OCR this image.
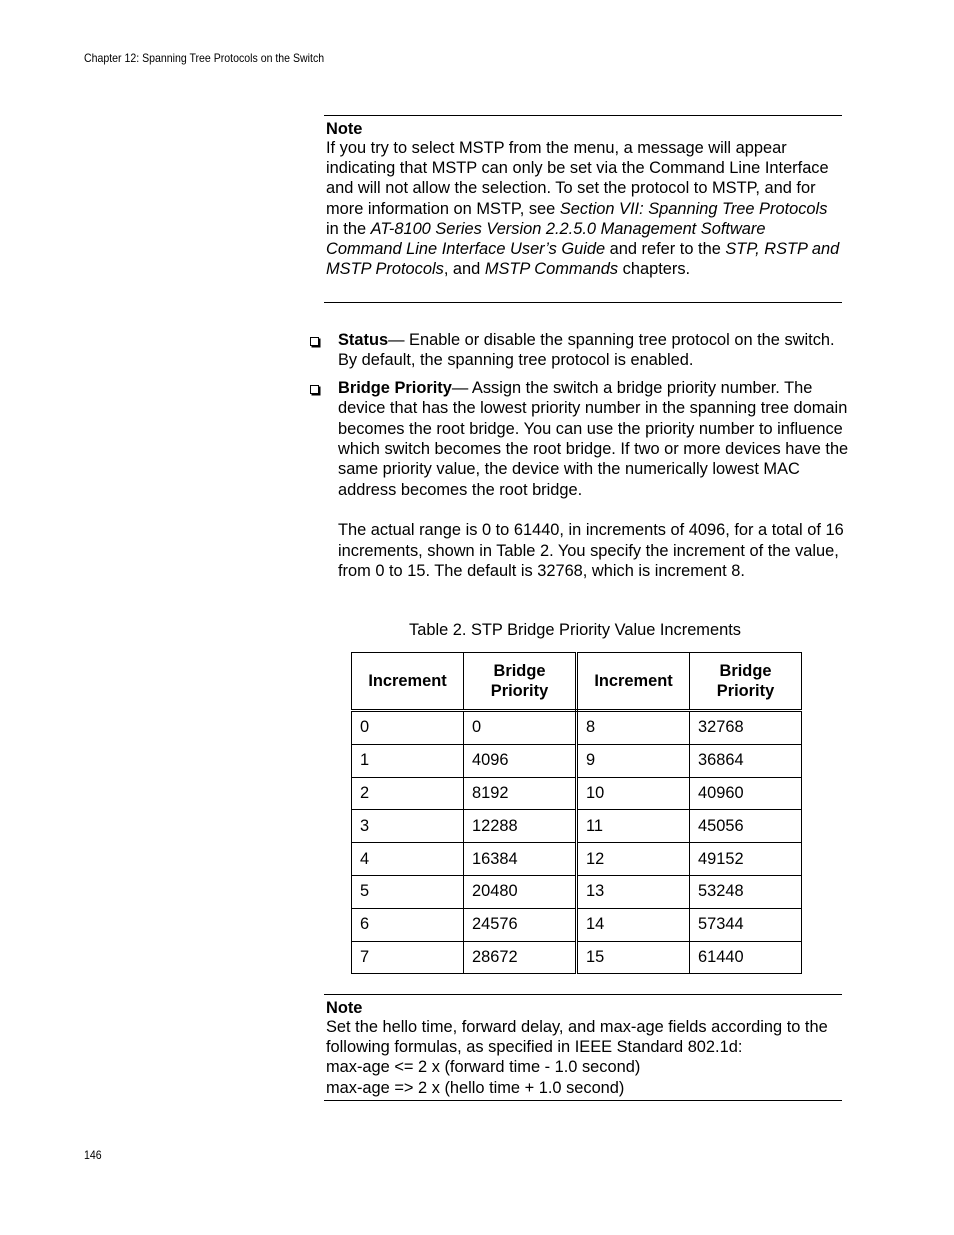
Chapter 12: Spanning Tree Protocols on the Switch
Note

If you try to select MSTP from the menu, a message will appear indicating that MSTP can only be set via the Command Line Interface and will not allow the selection. To set the protocol to MSTP, and for more information on MSTP, see Section VII: Spanning Tree Protocols in the AT-8100 Series Version 2.2.5.0 Management Software Command Line Interface User’s Guide and refer to the STP, RSTP and MSTP Protocols, and MSTP Commands chapters.

Status— Enable or disable the spanning tree protocol on the switch. By default, the spanning tree protocol is enabled.

Bridge Priority— Assign the switch a bridge priority number. The device that has the lowest priority number in the spanning tree domain becomes the root bridge. You can use the priority number to influence which switch becomes the root bridge. If two or more devices have the same priority value, the device with the numerically lowest MAC address becomes the root bridge.

The actual range is 0 to 61440, in increments of 4096, for a total of 16 increments, shown in Table 2. You specify the increment of the value, from 0 to 15. The default is 32768, which is increment 8.

Table 2. STP Bridge Priority Value Increments
Increment	Bridge Priority	Increment	Bridge Priority
0	0	8	32768
1	4096	9	36864
2	8192	10	40960
3	12288	11	45056
4	16384	12	49152
5	20480	13	53248
6	24576	14	57344
7	28672	15	61440
Note

Set the hello time, forward delay, and max-age fields according to the following formulas, as specified in IEEE Standard 802.1d:

max-age <= 2 x (forward time - 1.0 second)

max-age => 2 x (hello time + 1.0 second)

146
